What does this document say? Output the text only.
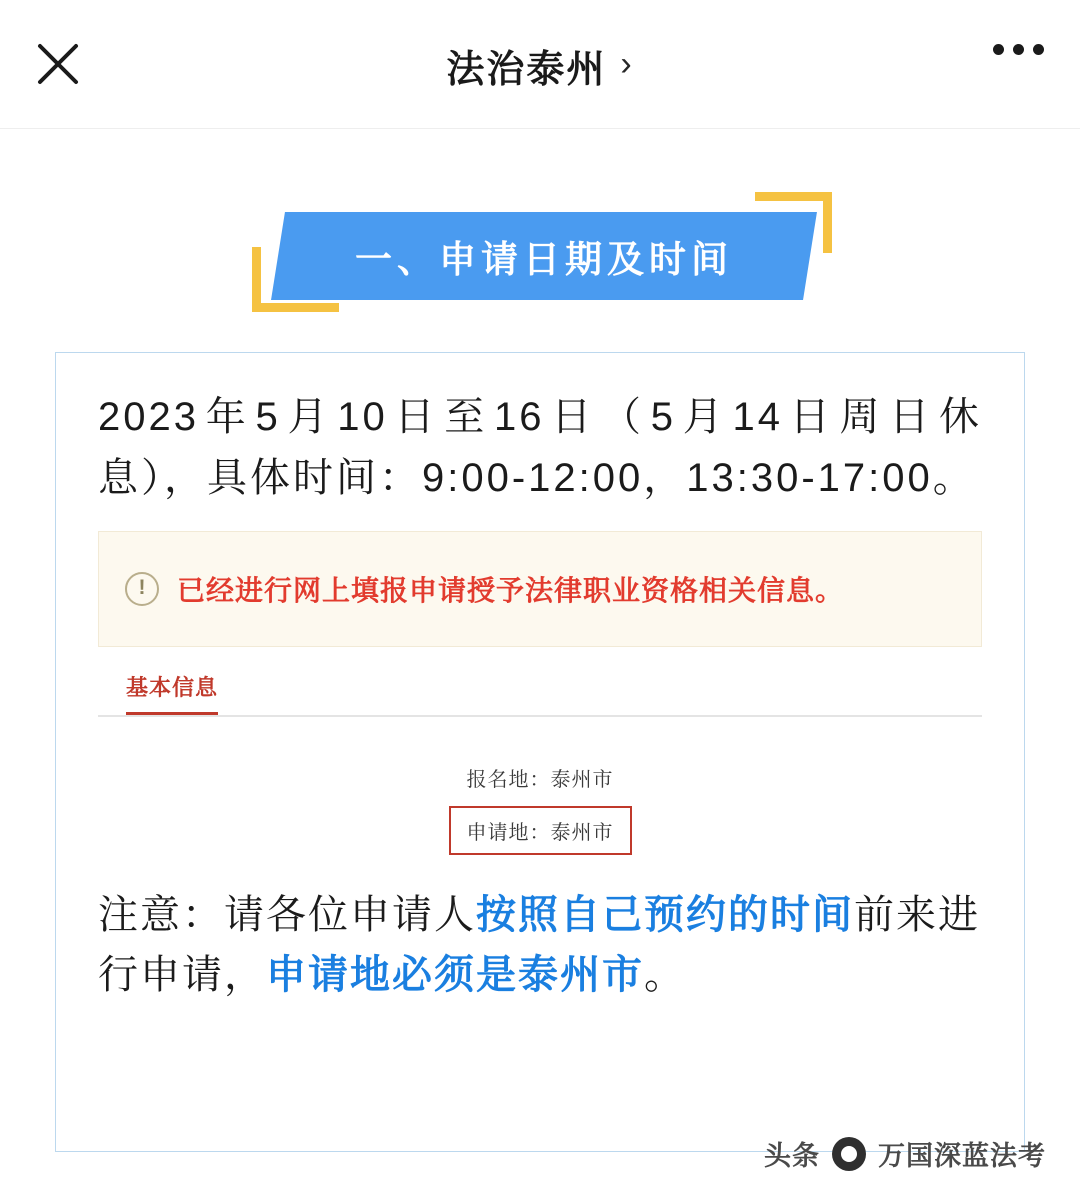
法治泰州 ›
一、申请日期及时间
2023年5月10日至16日（5月14日周日休息），具体时间：9:00-12:00，13:30-17:00。
!	已经进行网上填报申请授予法律职业资格相关信息。
基本信息
报名地：泰州市
申请地：泰州市
注意：请各位申请人按照自己预约的时间前来进行申请，申请地必须是泰州市。
头条 万国深蓝法考
